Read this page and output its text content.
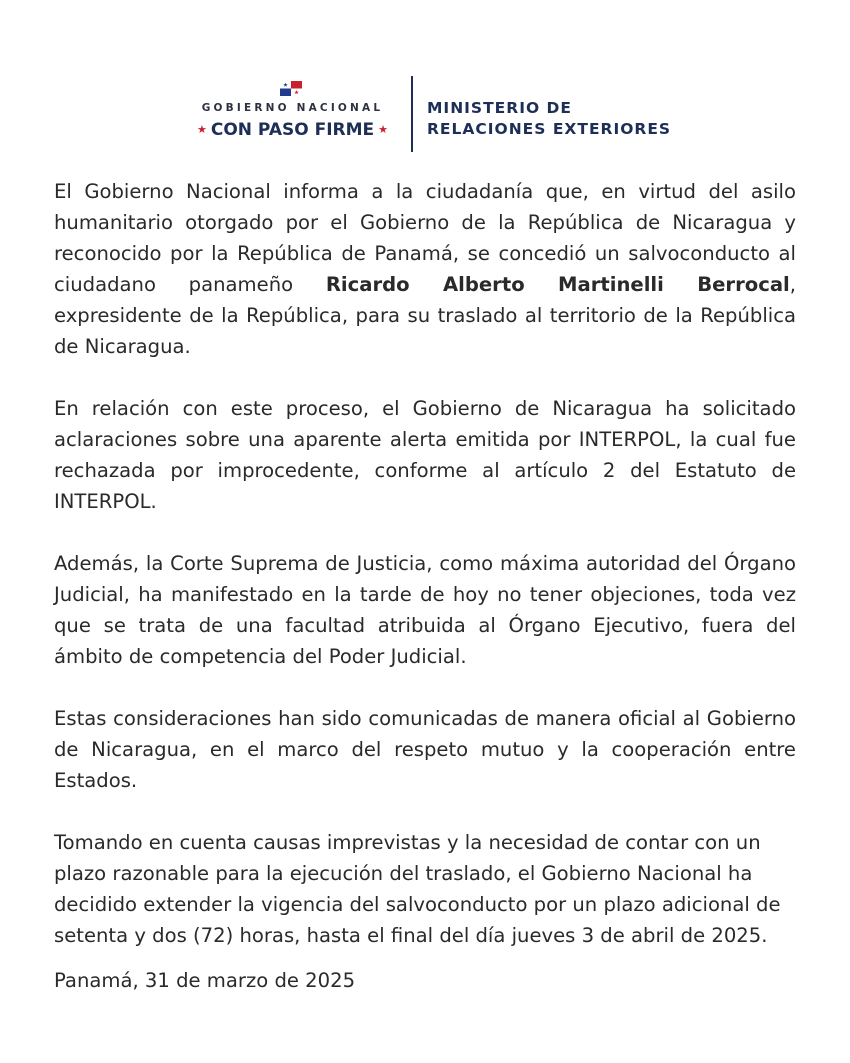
GOBIERNO NACIONAL
★ CON PASO FIRME ★
MINISTERIO DE
RELACIONES EXTERIORES

El Gobierno Nacional informa a la ciudadanía que, en virtud del asilo humanitario otorgado por el Gobierno de la República de Nicaragua y reconocido por la República de Panamá, se concedió un salvoconducto al ciudadano panameño Ricardo Alberto Martinelli Berrocal, expresidente de la República, para su traslado al territorio de la República de Nicaragua.

En relación con este proceso, el Gobierno de Nicaragua ha solicitado aclaraciones sobre una aparente alerta emitida por INTERPOL, la cual fue rechazada por improcedente, conforme al artículo 2 del Estatuto de INTERPOL.

Además, la Corte Suprema de Justicia, como máxima autoridad del Órgano Judicial, ha manifestado en la tarde de hoy no tener objeciones, toda vez que se trata de una facultad atribuida al Órgano Ejecutivo, fuera del ámbito de competencia del Poder Judicial.

Estas consideraciones han sido comunicadas de manera oficial al Gobierno de Nicaragua, en el marco del respeto mutuo y la cooperación entre Estados.

Tomando en cuenta causas imprevistas y la necesidad de contar con un plazo razonable para la ejecución del traslado, el Gobierno Nacional ha decidido extender la vigencia del salvoconducto por un plazo adicional de setenta y dos (72) horas, hasta el final del día jueves 3 de abril de 2025.

Panamá, 31 de marzo de 2025
